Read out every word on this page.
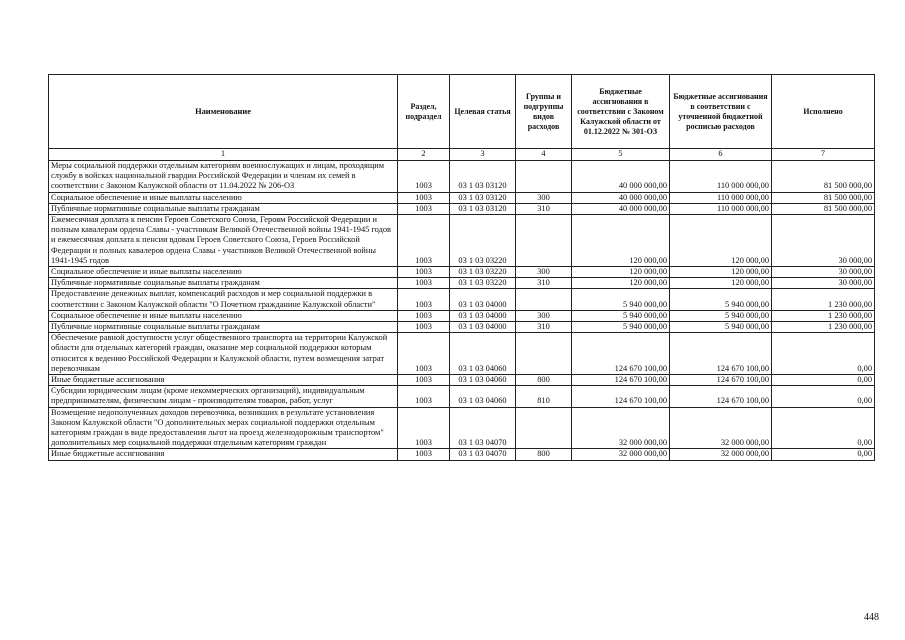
Наименование	Раздел, подраздел	Целевая статья	Группы и подгруппы видов расходов	Бюджетные ассигнования в соответствии с Законом Калужской области от 01.12.2022 № 301-ОЗ	Бюджетные ассигнования в соответствии с уточненной бюджетной росписью расходов	Исполнено
1	2	3	4	5	6	7
Меры социальной поддержки отдельным категориям военнослужащих и лицам, проходящим службу в войсках национальной гвардии Российской Федерации и членам их семей в соответствии с Законом Калужской области от 11.04.2022 № 206-ОЗ	1003	03 1 03 03120		40 000 000,00	110 000 000,00	81 500 000,00
Социальное обеспечение и иные выплаты населению	1003	03 1 03 03120	300	40 000 000,00	110 000 000,00	81 500 000,00
Публичные нормативные социальные выплаты гражданам	1003	03 1 03 03120	310	40 000 000,00	110 000 000,00	81 500 000,00
Ежемесячная доплата к пенсии Героев Советского Союза, Героям Российской Федерации и полным кавалерам ордена Славы - участникам Великой Отечественной войны 1941-1945 годов и ежемесячная доплата к пенсии вдовам Героев Советского Союза, Героев Российской Федерации и полных кавалеров ордена Славы - участников Великой Отечественной войны 1941-1945 годов	1003	03 1 03 03220		120 000,00	120 000,00	30 000,00
Социальное обеспечение и иные выплаты населению	1003	03 1 03 03220	300	120 000,00	120 000,00	30 000,00
Публичные нормативные социальные выплаты гражданам	1003	03 1 03 03220	310	120 000,00	120 000,00	30 000,00
Предоставление денежных выплат, компенсаций расходов и мер социальной поддержки в соответствии с Законом Калужской области "О Почетном гражданине Калужской области"	1003	03 1 03 04000		5 940 000,00	5 940 000,00	1 230 000,00
Социальное обеспечение и иные выплаты населению	1003	03 1 03 04000	300	5 940 000,00	5 940 000,00	1 230 000,00
Публичные нормативные социальные выплаты гражданам	1003	03 1 03 04000	310	5 940 000,00	5 940 000,00	1 230 000,00
Обеспечение равной доступности услуг общественного транспорта на территории Калужской области для отдельных категорий граждан, оказание мер социальной поддержки которым относится к ведению Российской Федерации и Калужской области, путем возмещения затрат перевозчикам	1003	03 1 03 04060		124 670 100,00	124 670 100,00	0,00
Иные бюджетные ассигнования	1003	03 1 03 04060	800	124 670 100,00	124 670 100,00	0,00
Субсидии юридическим лицам (кроме некоммерческих организаций), индивидуальным предпринимателям, физическим лицам - производителям товаров, работ, услуг	1003	03 1 03 04060	810	124 670 100,00	124 670 100,00	0,00
Возмещение недополученных доходов перевозчика, возникших в результате установления Законом Калужской области "О дополнительных мерах социальной поддержки отдельным категориям граждан в виде предоставления льгот на проезд железнодорожным транспортом" дополнительных мер социальной поддержки отдельным категориям граждан	1003	03 1 03 04070		32 000 000,00	32 000 000,00	0,00
Иные бюджетные ассигнования	1003	03 1 03 04070	800	32 000 000,00	32 000 000,00	0,00
448
